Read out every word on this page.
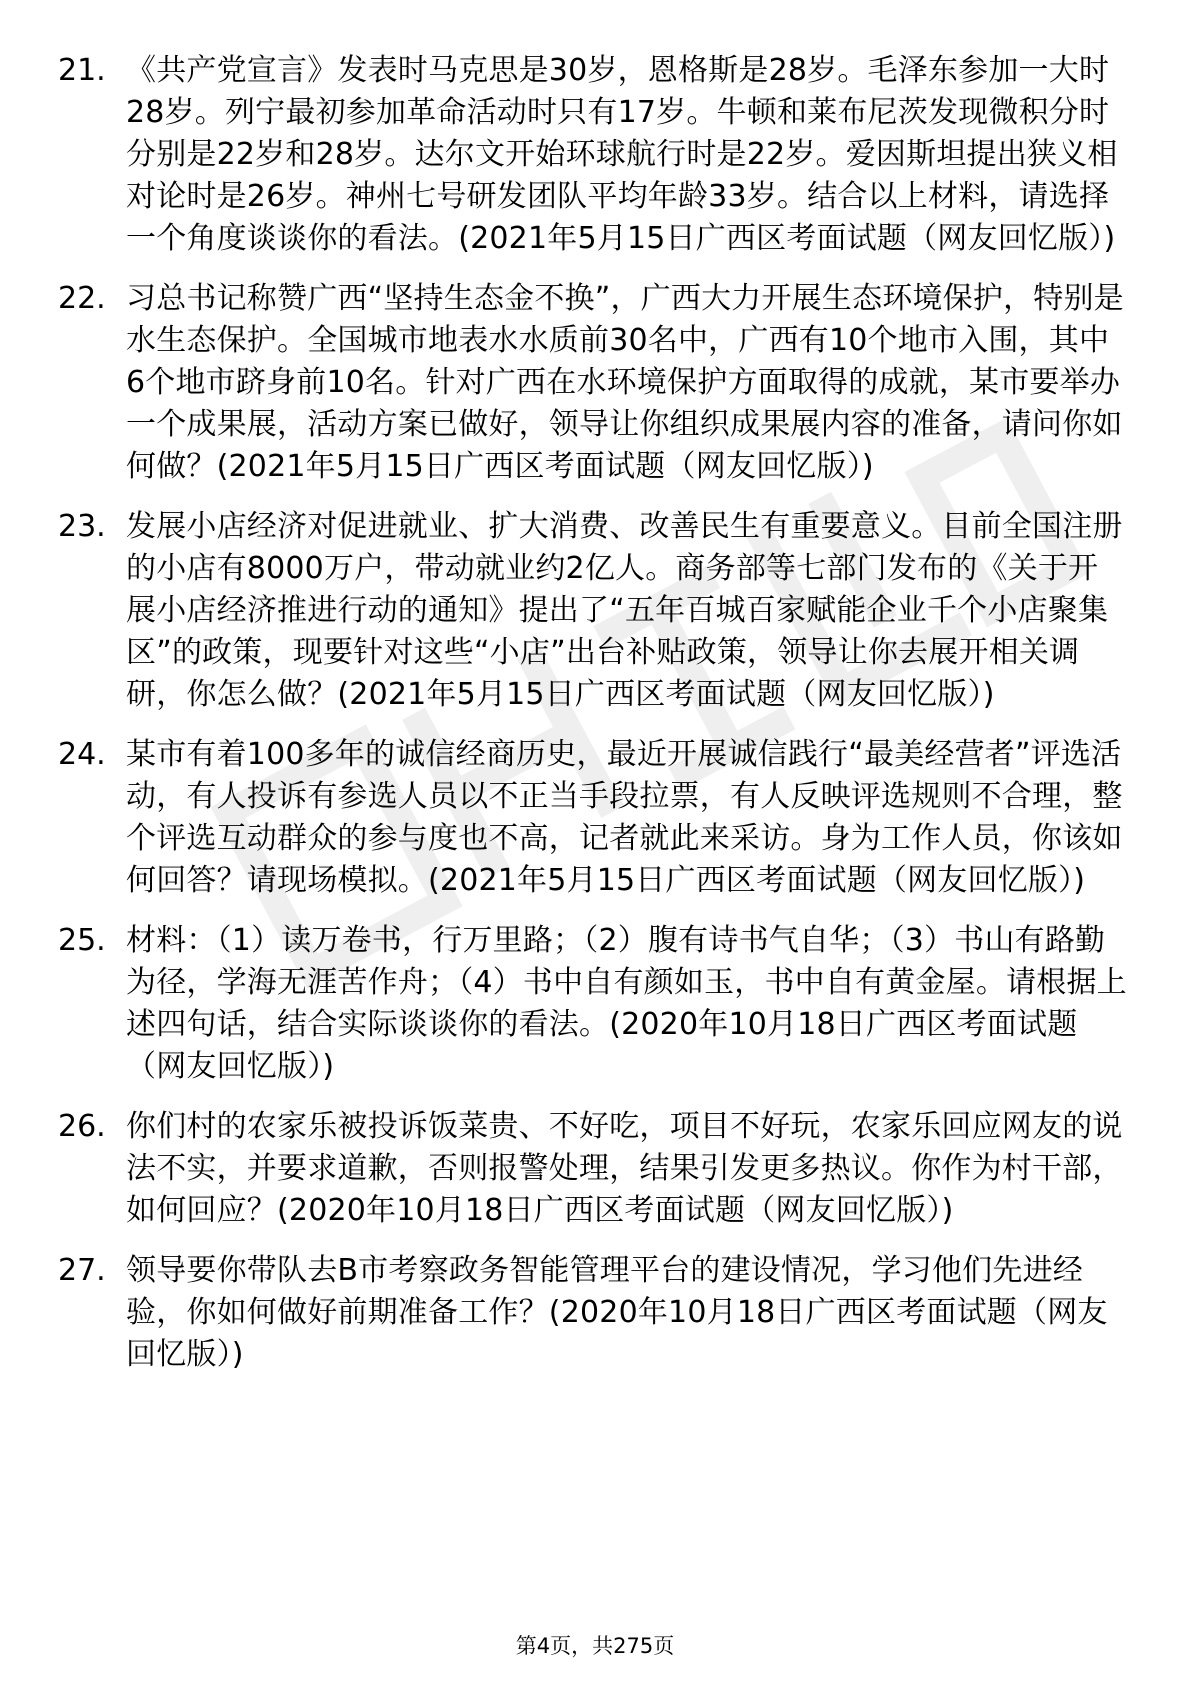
21. 《共产党宣言》发表时马克思是30岁，恩格斯是28岁。毛泽东参加一大时28岁。列宁最初参加革命活动时只有17岁。牛顿和莱布尼茨发现微积分时分别是22岁和28岁。达尔文开始环球航行时是22岁。爱因斯坦提出狭义相对论时是26岁。神州七号研发团队平均年龄33岁。结合以上材料，请选择一个角度谈谈你的看法。(2021年5月15日广西区考面试题（网友回忆版）)
22. 习总书记称赞广西“坚持生态金不换”，广西大力开展生态环境保护，特别是水生态保护。全国城市地表水水质前30名中，广西有10个地市入围，其中6个地市跻身前10名。针对广西在水环境保护方面取得的成就，某市要举办一个成果展，活动方案已做好，领导让你组织成果展内容的准备，请问你如何做？(2021年5月15日广西区考面试题（网友回忆版）)
23. 发展小店经济对促进就业、扩大消费、改善民生有重要意义。目前全国注册的小店有8000万户，带动就业约2亿人。商务部等七部门发布的《关于开展小店经济推进行动的通知》提出了“五年百城百家赋能企业千个小店聚集区”的政策，现要针对这些“小店”出台补贴政策，领导让你去展开相关调研，你怎么做？(2021年5月15日广西区考面试题（网友回忆版）)
24. 某市有着100多年的诚信经商历史，最近开展诚信践行“最美经营者”评选活动，有人投诉有参选人员以不正当手段拉票，有人反映评选规则不合理，整个评选互动群众的参与度也不高，记者就此来采访。身为工作人员，你该如何回答？请现场模拟。(2021年5月15日广西区考面试题（网友回忆版）)
25. 材料：（1）读万卷书，行万里路；（2）腹有诗书气自华；（3）书山有路勤为径，学海无涯苦作舟；（4）书中自有颜如玉，书中自有黄金屋。请根据上述四句话，结合实际谈谈你的看法。(2020年10月18日广西区考面试题（网友回忆版）)
26. 你们村的农家乐被投诉饭菜贵、不好吃，项目不好玩，农家乐回应网友的说法不实，并要求道歉，否则报警处理，结果引发更多热议。你作为村干部，如何回应？(2020年10月18日广西区考面试题（网友回忆版）)
27. 领导要你带队去B市考察政务智能管理平台的建设情况，学习他们先进经验，你如何做好前期准备工作？(2020年10月18日广西区考面试题（网友回忆版）)
第4页，共275页
